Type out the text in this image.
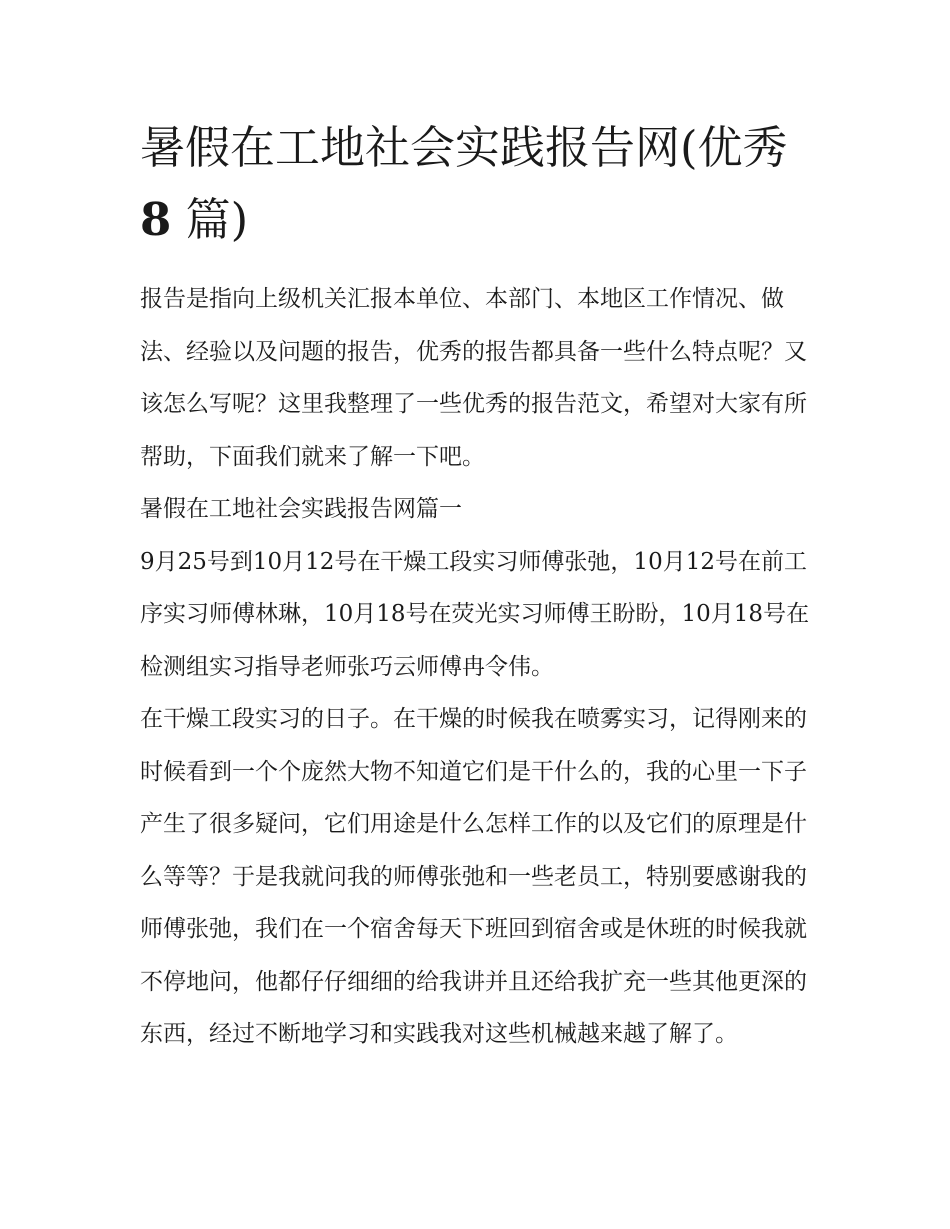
暑假在工地社会实践报告网(优秀
8 篇)

报告是指向上级机关汇报本单位、本部门、本地区工作情况、做法、经验以及问题的报告，优秀的报告都具备一些什么特点呢？又该怎么写呢？这里我整理了一些优秀的报告范文，希望对大家有所帮助，下面我们就来了解一下吧。

暑假在工地社会实践报告网篇一

9月25号到10月12号在干燥工段实习师傅张弛，10月12号在前工序实习师傅林琳，10月18号在荧光实习师傅王盼盼，10月18号在检测组实习指导老师张巧云师傅冉令伟。

在干燥工段实习的日子。在干燥的时候我在喷雾实习，记得刚来的时候看到一个个庞然大物不知道它们是干什么的，我的心里一下子产生了很多疑问，它们用途是什么怎样工作的以及它们的原理是什么等等？于是我就问我的师傅张弛和一些老员工，特别要感谢我的师傅张弛，我们在一个宿舍每天下班回到宿舍或是休班的时候我就不停地问，他都仔仔细细的给我讲并且还给我扩充一些其他更深的东西，经过不断地学习和实践我对这些机械越来越了解了。
